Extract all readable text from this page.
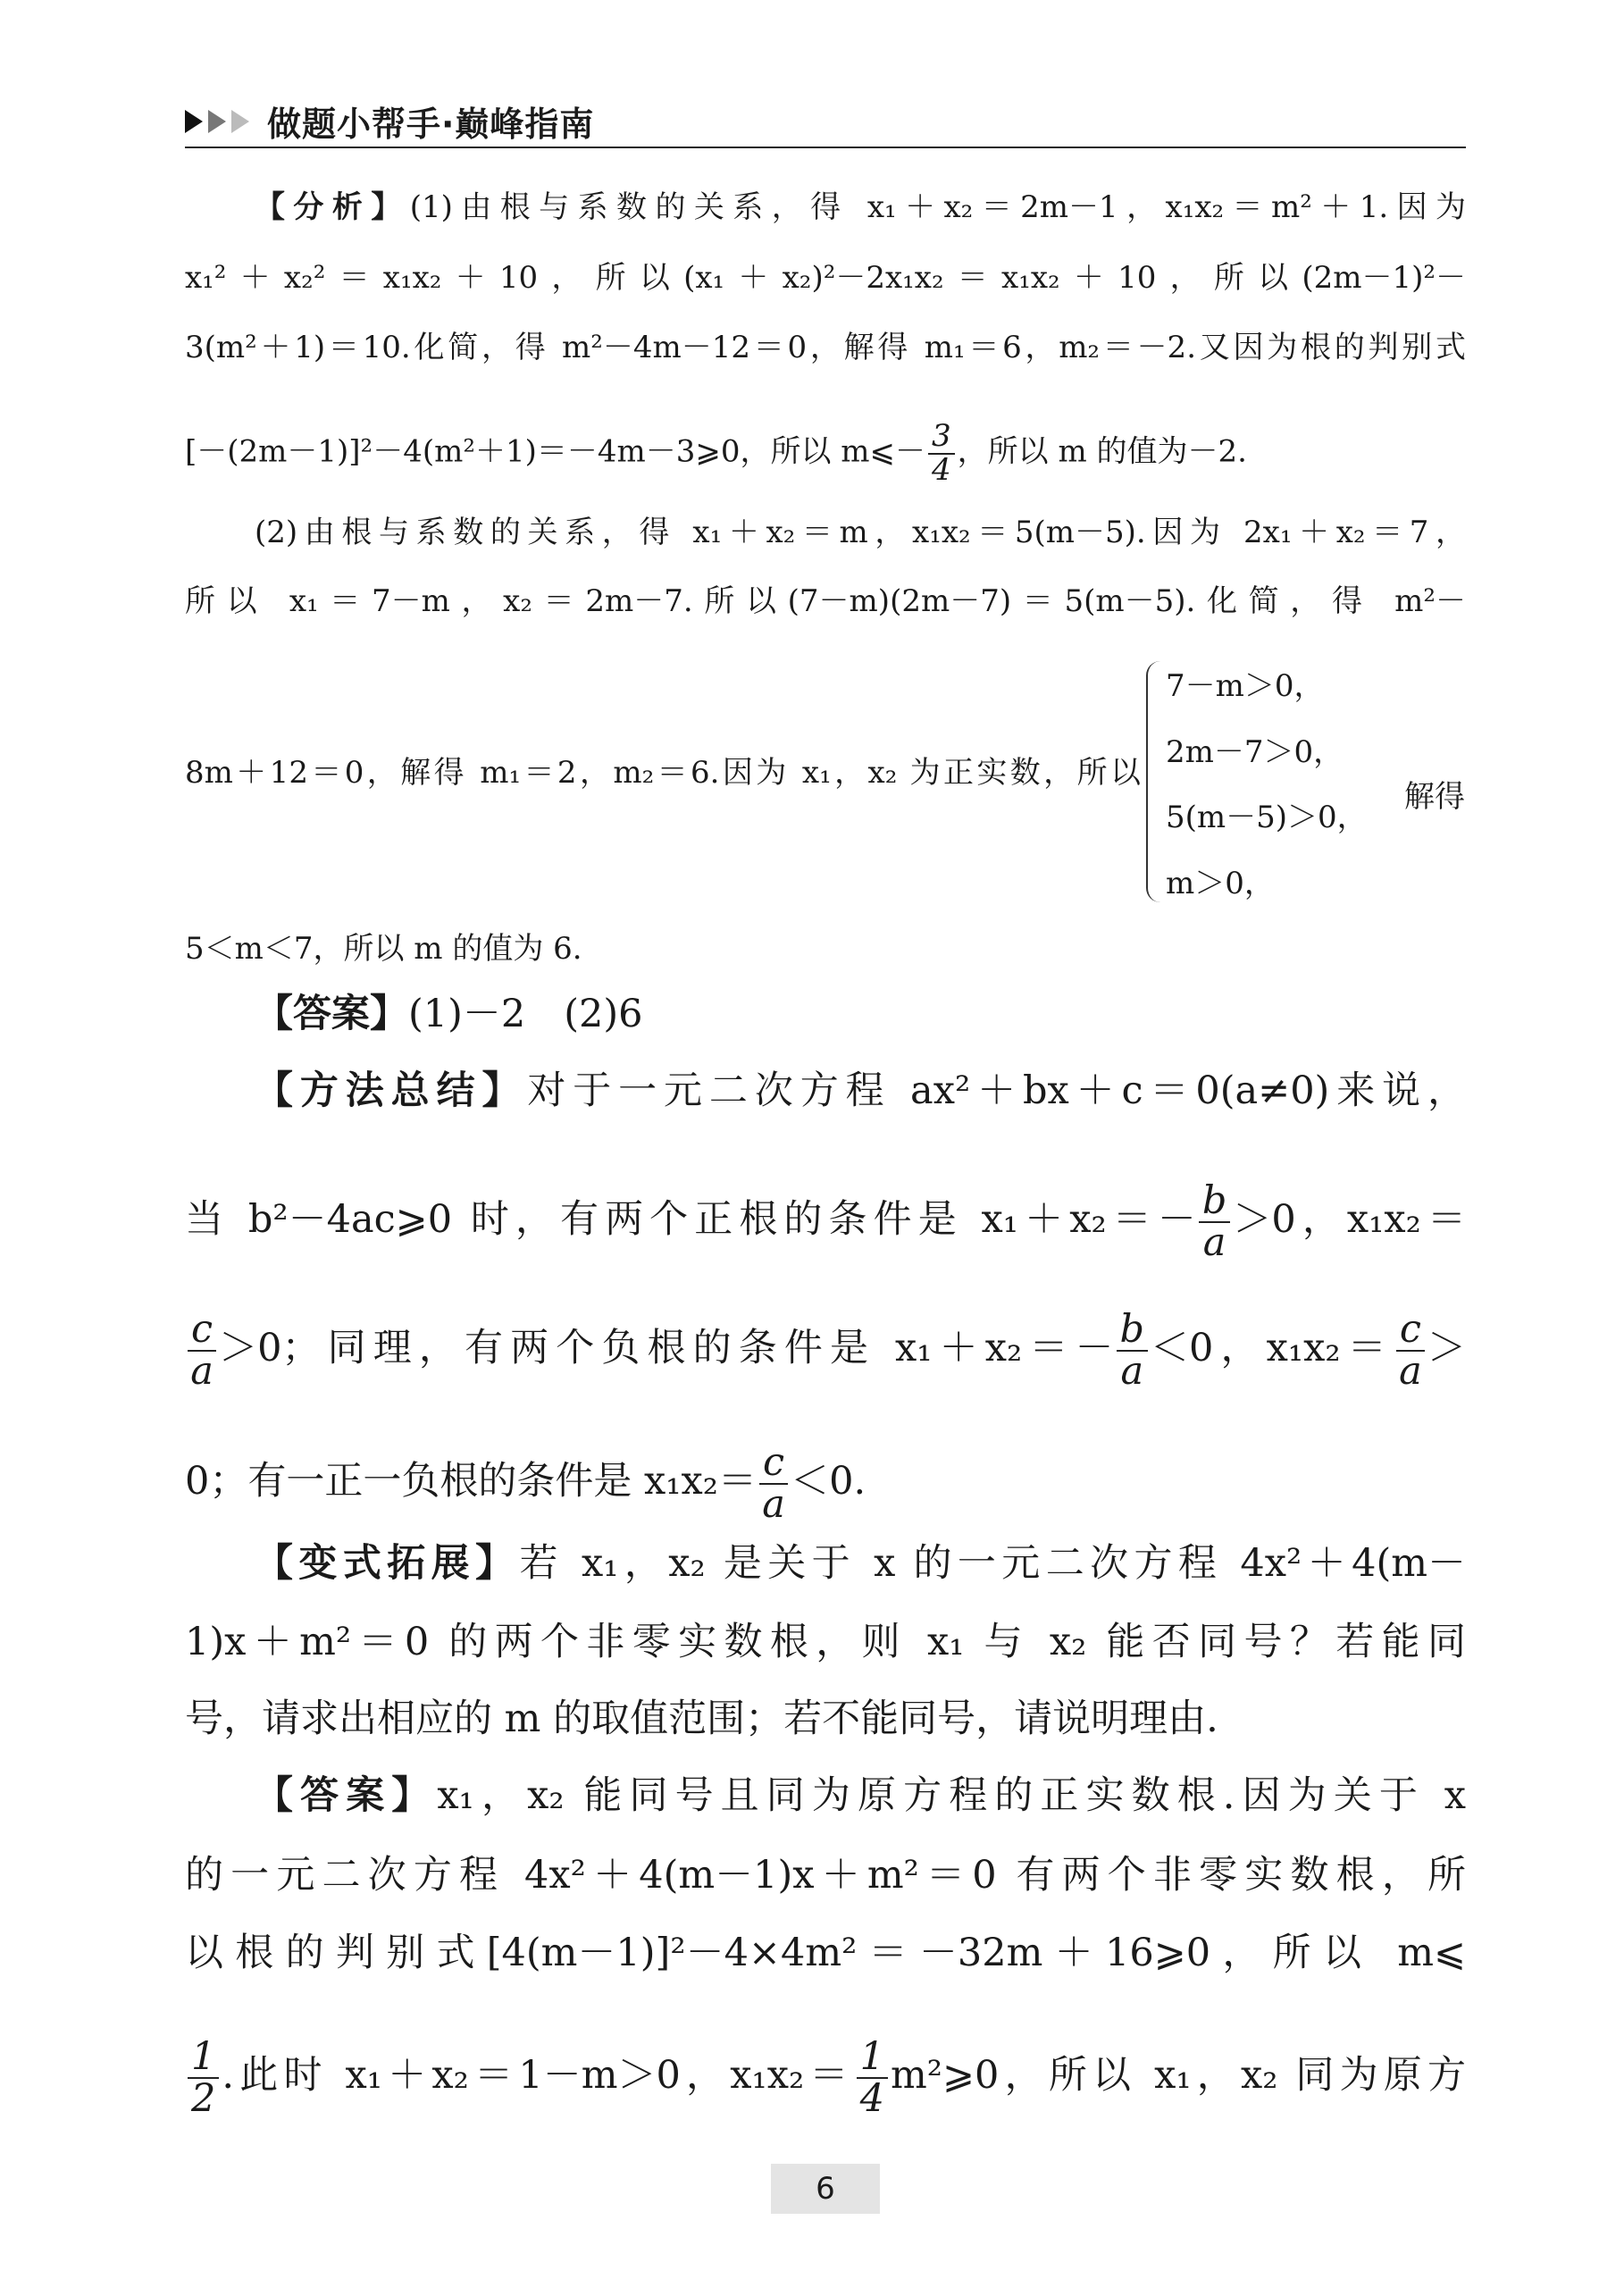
做题小帮手·巅峰指南
【分析】(1)由根与系数的关系，得 x₁＋x₂＝2m－1，x₁x₂＝m²＋1.因为
x₁²＋x₂²＝x₁x₂＋10，所以(x₁＋x₂)²－2x₁x₂＝x₁x₂＋10，所以(2m－1)²－
3(m²＋1)＝10.化简，得 m²－4m－12＝0，解得 m₁＝6，m₂＝－2.又因为根的判别式
[－(2m－1)]²－4(m²＋1)＝－4m－3⩾0，所以 m⩽－ $\frac{3}{4}$ ，所以 m 的值为－2.
(2)由根与系数的关系，得 x₁＋x₂＝m，x₁x₂＝5(m－5).因为 2x₁＋x₂＝7，
所以 x₁＝7－m，x₂＝2m－7.所以(7－m)(2m－7)＝5(m－5).化简，得 m²－
8m＋12＝0，解得 m₁＝2，m₂＝6.因为 x₁，x₂ 为正实数，所以
5＜m＜7，所以 m 的值为 6.
【答案】(1)－2　(2)6
【方法总结】对于一元二次方程 ax²＋bx＋c＝0(a≠0)来说，
当 b²－4ac⩾0 时，有两个正根的条件是 $x_1+x_2=- \frac{b}{a} >0$，x₁x₂＝
$\frac{c}{a} >0$；同理，有两个负根的条件是 $x_1+x_2=- \frac{b}{a} <0$，$x_1x_2= \frac{c}{a}$ ＞
0；有一正一负根的条件是 $x_1x_2= \frac{c}{a} <0$.
【变式拓展】若 x₁，x₂ 是关于 x 的一元二次方程 4x²＋4(m－
1)x＋m²＝0 的两个非零实数根，则 x₁ 与 x₂ 能否同号？若能同
号，请求出相应的 m 的取值范围；若不能同号，请说明理由.
【答案】x₁，x₂ 能同号且同为原方程的正实数根.因为关于 x
的一元二次方程 4x²＋4(m－1)x＋m²＝0 有两个非零实数根，所
以根的判别式[4(m－1)]²－4×4m²＝－32m＋16⩾0，所以 m⩽
$\frac{1}{2}$ .此时 x₁＋x₂＝1－m＞0，$x_1x_2= \frac{1}{4}$ m²⩾0，所以 x₁，x₂ 同为原方
7－m＞0，
2m－7＞0，
5(m－5)＞0，
m＞0，
解得
6
